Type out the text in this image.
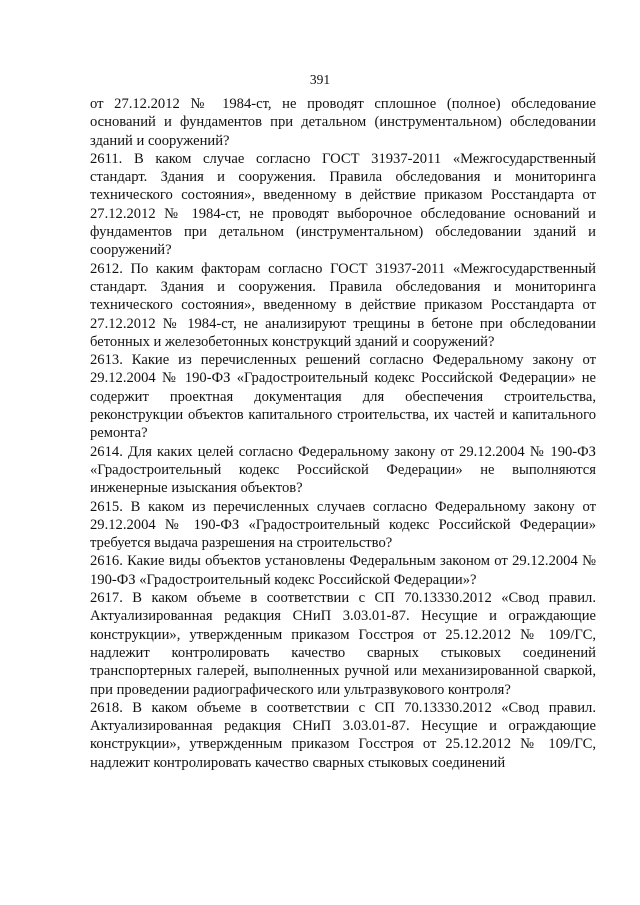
391

от 27.12.2012 № 1984-ст, не проводят сплошное (полное) обследование оснований и фундаментов при детальном (инструментальном) обследовании зданий и сооружений?

2611. В каком случае согласно ГОСТ 31937-2011 «Межгосударственный стандарт. Здания и сооружения. Правила обследования и мониторинга технического состояния», введенному в действие приказом Росстандарта от 27.12.2012 № 1984-ст, не проводят выборочное обследование оснований и фундаментов при детальном (инструментальном) обследовании зданий и сооружений?

2612. По каким факторам согласно ГОСТ 31937-2011 «Межгосударственный стандарт. Здания и сооружения. Правила обследования и мониторинга технического состояния», введенному в действие приказом Росстандарта от 27.12.2012 № 1984-ст, не анализируют трещины в бетоне при обследовании бетонных и железобетонных конструкций зданий и сооружений?

2613. Какие из перечисленных решений согласно Федеральному закону от 29.12.2004 № 190-ФЗ «Градостроительный кодекс Российской Федерации» не содержит проектная документация для обеспечения строительства, реконструкции объектов капитального строительства, их частей и капитального ремонта?

2614. Для каких целей согласно Федеральному закону от 29.12.2004 № 190-ФЗ «Градостроительный кодекс Российской Федерации» не выполняются инженерные изыскания объектов?

2615. В каком из перечисленных случаев согласно Федеральному закону от 29.12.2004 № 190-ФЗ «Градостроительный кодекс Российской Федерации» требуется выдача разрешения на строительство?

2616. Какие виды объектов установлены Федеральным законом от 29.12.2004 № 190-ФЗ «Градостроительный кодекс Российской Федерации»?

2617. В каком объеме в соответствии с СП 70.13330.2012 «Свод правил. Актуализированная редакция СНиП 3.03.01-87. Несущие и ограждающие конструкции», утвержденным приказом Госстроя от 25.12.2012 № 109/ГС, надлежит контролировать качество сварных стыковых соединений транспортерных галерей, выполненных ручной или механизированной сваркой, при проведении радиографического или ультразвукового контроля?

2618. В каком объеме в соответствии с СП 70.13330.2012 «Свод правил. Актуализированная редакция СНиП 3.03.01-87. Несущие и ограждающие конструкции», утвержденным приказом Госстроя от 25.12.2012 № 109/ГС, надлежит контролировать качество сварных стыковых соединений
